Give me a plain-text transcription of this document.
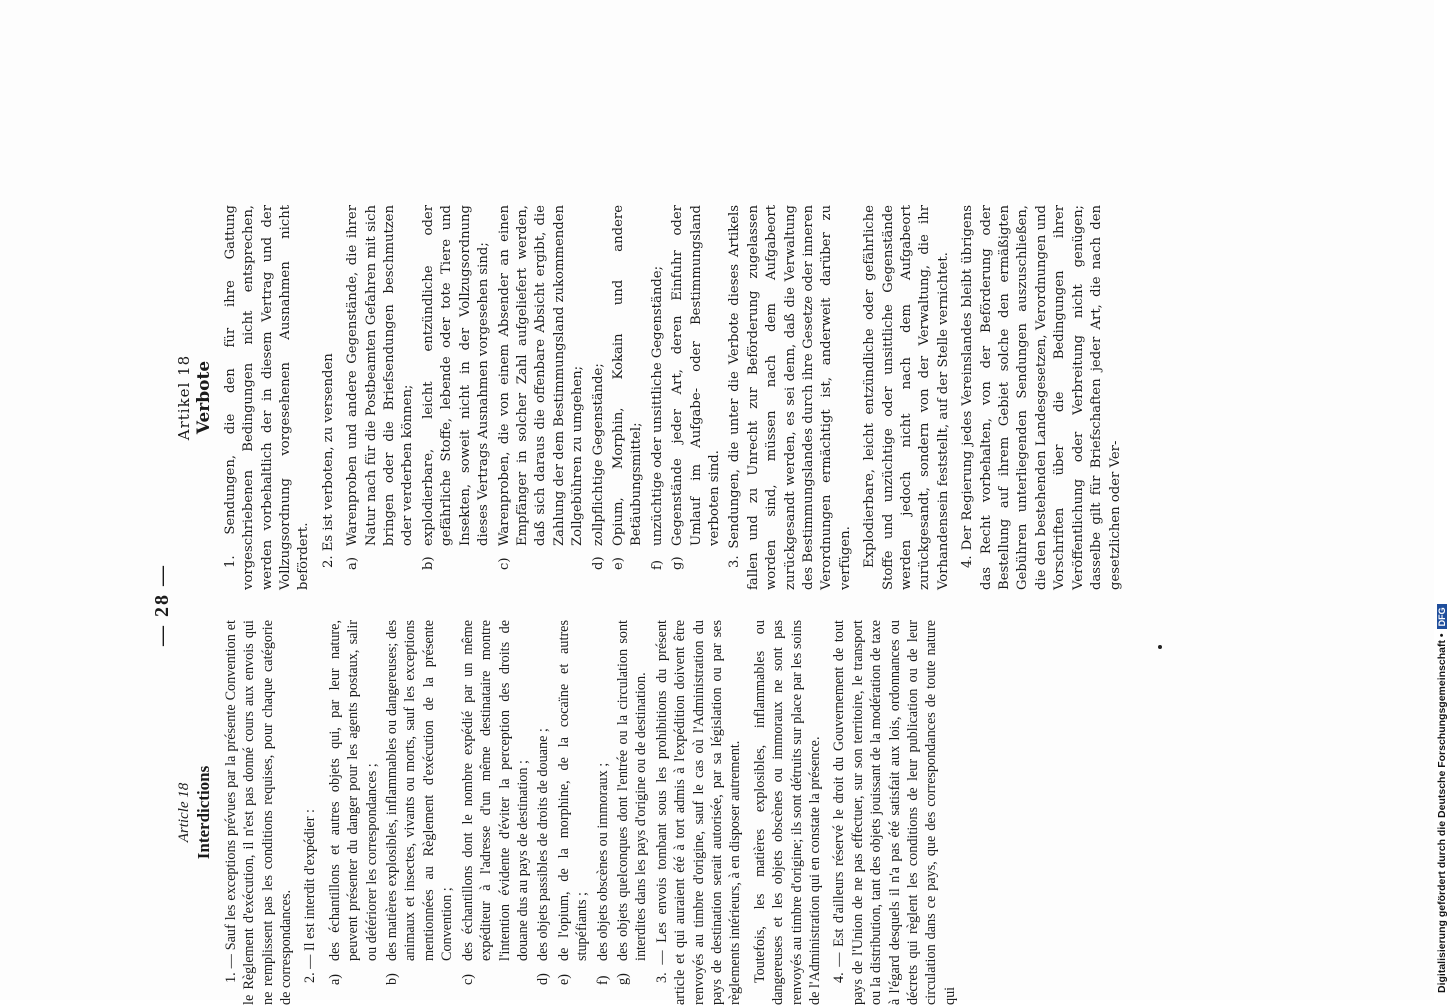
— 28 —
Article 18 Interdictions 1. — Sauf les exceptions prévues par la présente Convention et le Règlement d'exécution, il n'est pas donné cours aux envois qui ne remplissent pas les conditions requises, pour chaque catégorie de correspondances. 2. — Il est interdit d'expédier : a)
des échantillons et autres objets qui, par leur nature, peuvent présenter du danger pour les agents postaux, salir ou détériorer les correspondances ;
b)
des matières explosibles, inflammables ou dangereuses; des animaux et insectes, vivants ou morts, sauf les exceptions mentionnées au Règlement d'exécution de la présente Convention ;
c)
des échantillons dont le nombre expédié par un même expéditeur à l'adresse d'un même destinataire montre l'intention évidente d'éviter la perception des droits de douane dus au pays de destination ;
d)
des objets passibles de droits de douane ;
e)
de l'opium, de la morphine, de la cocaïne et autres stupéfiants ;
f)
des objets obscènes ou immoraux ;
g)
des objets quelconques dont l'entrée ou la circulation sont interdites dans les pays d'origine ou de destination. 3. — Les envois tombant sous les prohibitions du présent article et qui auraient été à tort admis à l'expédition doivent être renvoyés au timbre d'origine, sauf le cas où l'Administration du pays de destination serait autorisée, par sa législation ou par ses règlements intérieurs, à en disposer autrement. Toutefois, les matières explosibles, inflammables ou dangereuses et les objets obscènes ou immoraux ne sont pas renvoyés au timbre d'origine; ils sont détruits sur place par les soins de l'Administration qui en constate la présence. 4. — Est d'ailleurs réservé le droit du Gouvernement de tout pays de l'Union de ne pas effectuer, sur son territoire, le transport ou la distribution, tant des objets jouissant de la modération de taxe à l'égard desquels il n'a pas été satisfait aux lois, ordonnances ou décrets qui règlent les conditions de leur publication ou de leur circulation dans ce pays, que des correspondances de toute nature qui

Artikel 18 Verbote 1. Sendungen, die den für ihre Gattung vorgeschriebenen Bedingungen nicht entsprechen, werden vorbehaltlich der in diesem Vertrag und der Vollzugsordnung vorgesehenen Ausnahmen nicht befördert. 2. Es ist verboten, zu versenden a)
Warenproben und andere Gegenstände, die ihrer Natur nach für die Postbeamten Gefahren mit sich bringen oder die Briefsendungen beschmutzen oder verderben können;
b)
explodierbare, leicht entzündliche oder gefährliche Stoffe, lebende oder tote Tiere und Insekten, soweit nicht in der Vollzugsordnung dieses Vertrags Ausnahmen vorgesehen sind;
c)
Warenproben, die von einem Absender an einen Empfänger in solcher Zahl aufgeliefert werden, daß sich daraus die offenbare Absicht ergibt, die Zahlung der dem Bestimmungsland zukommenden Zollgebühren zu umgehen;
d)
zollpflichtige Gegenstände;
e)
Opium, Morphin, Kokain und andere Betäubungsmittel;
f)
unzüchtige oder unsittliche Gegenstände;
g)
Gegenstände jeder Art, deren Einfuhr oder Umlauf im Aufgabe- oder Bestimmungsland verboten sind. 3. Sendungen, die unter die Verbote dieses Artikels fallen und zu Unrecht zur Beförderung zugelassen worden sind, müssen nach dem Aufgabeort zurückgesandt werden, es sei denn, daß die Verwaltung des Bestimmungslandes durch ihre Gesetze oder inneren Verordnungen ermächtigt ist, anderweit darüber zu verfügen. Explodierbare, leicht entzündliche oder gefährliche Stoffe und unzüchtige oder unsittliche Gegenstände werden jedoch nicht nach dem Aufgabeort zurückgesandt, sondern von der Verwaltung, die ihr Vorhandensein feststellt, auf der Stelle vernichtet. 4. Der Regierung jedes Vereinslandes bleibt übrigens das Recht vorbehalten, von der Beförderung oder Bestellung auf ihrem Gebiet solche den ermäßigten Gebühren unterliegenden Sendungen auszuschließen, die den bestehenden Landesgesetzen, Verordnungen und Vorschriften über die Bedingungen ihrer Veröffentlichung oder Verbreitung nicht genügen; dasselbe gilt für Briefschaften jeder Art, die nach den gesetzlichen oder Ver-

Digitalisierung gefördert durch die Deutsche Forschungsgemeinschaft •DFG
